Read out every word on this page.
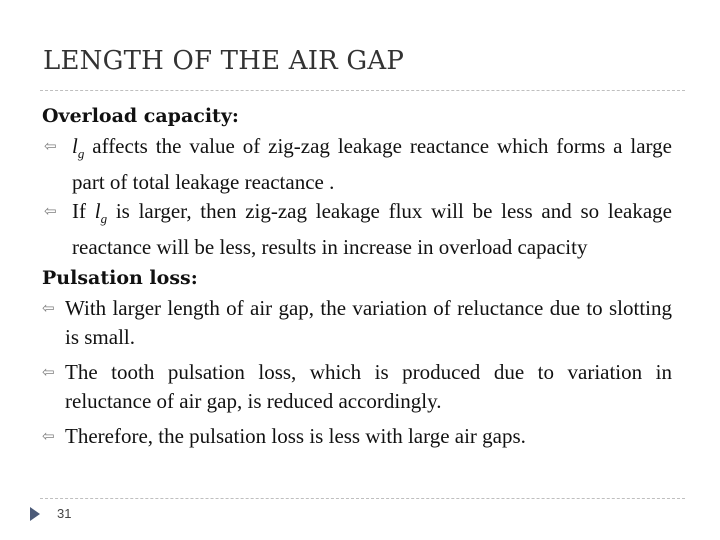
LENGTH OF THE AIR GAP
Overload capacity:
⇦ $l_g$ affects the value of zig-zag leakage reactance which forms a large part of total leakage reactance .
⇦ If $l_g$ is larger, then zig-zag leakage flux will be less and so leakage reactance will be less, results in increase in overload capacity
Pulsation loss:
⇦ With larger length of air gap, the variation of reluctance due to slotting is small.
⇦ The tooth pulsation loss, which is produced due to variation in reluctance of air gap, is reduced accordingly.
⇦ Therefore, the pulsation loss is less with large air gaps.
31
